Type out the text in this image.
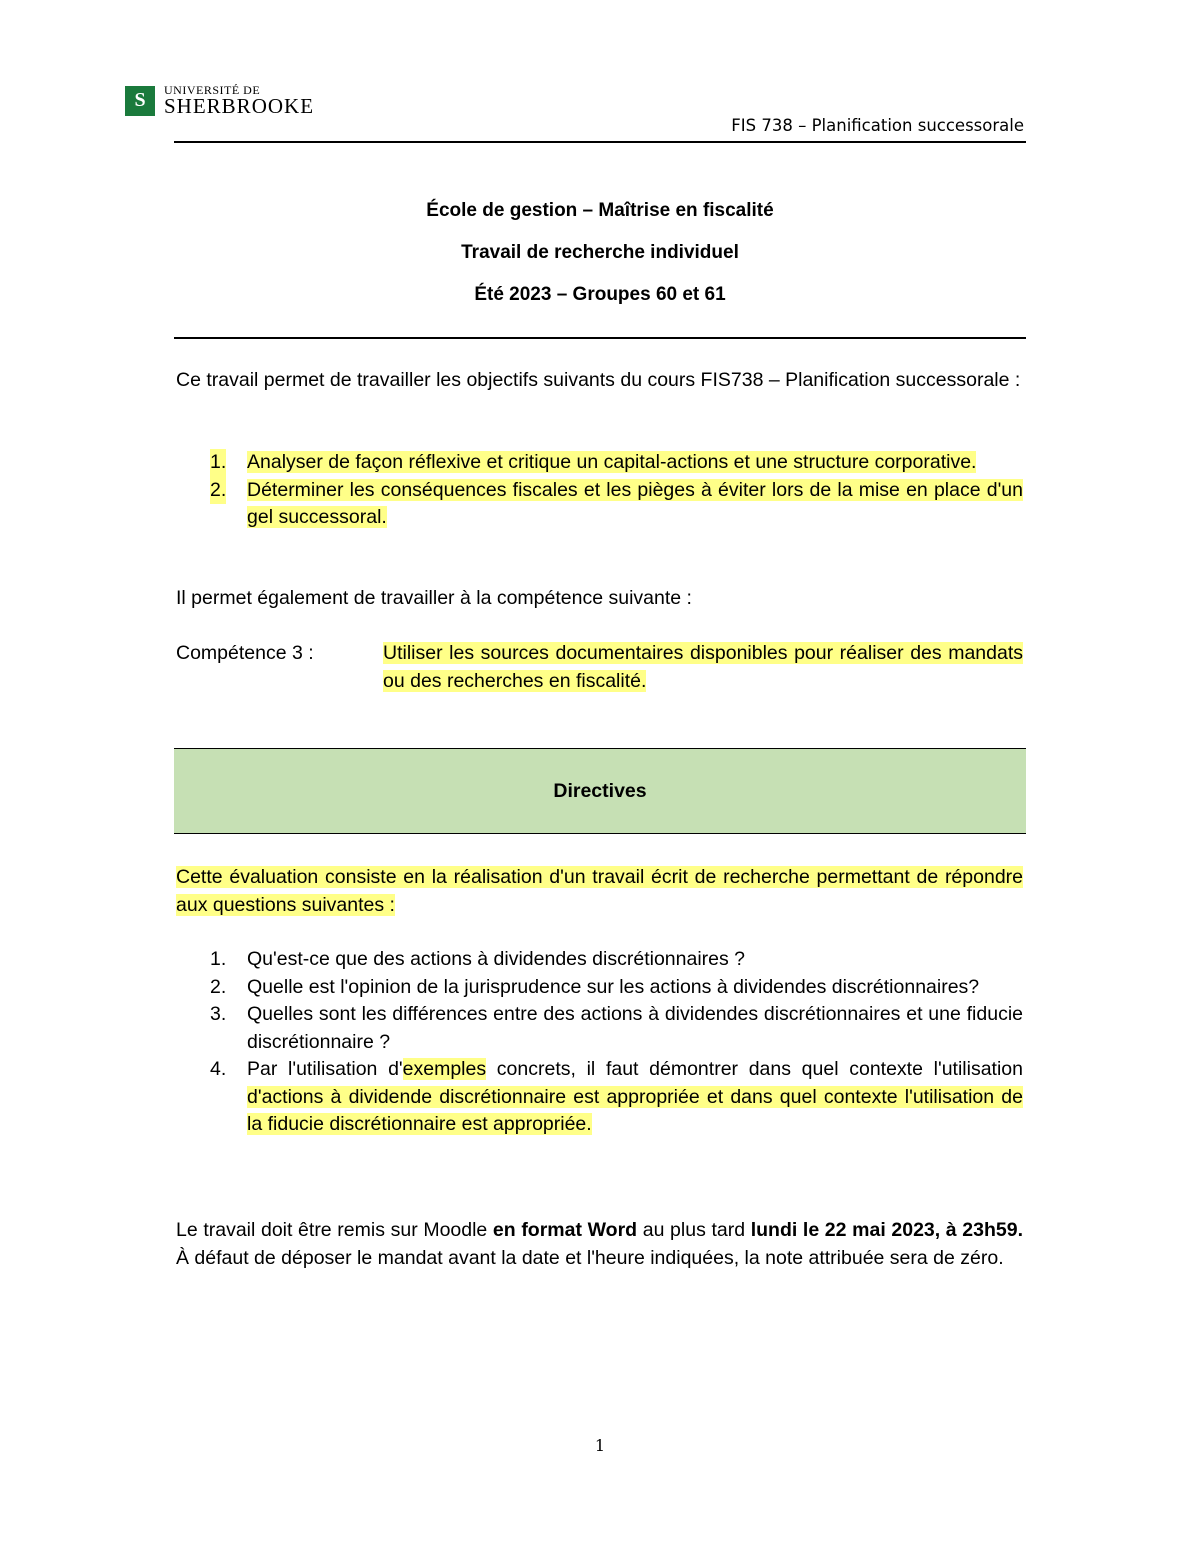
S	UNIVERSITÉ DE
SHERBROOKE
FIS 738 – Planification successorale
École de gestion – Maîtrise en fiscalité
Travail de recherche individuel
Été 2023 – Groupes 60 et 61
Ce travail permet de travailler les objectifs suivants du cours FIS738 – Planification successorale :
1. Analyser de façon réflexive et critique un capital-actions et une structure corporative.
2. Déterminer les conséquences fiscales et les pièges à éviter lors de la mise en place d'un gel successoral.
Il permet également de travailler à la compétence suivante :
Compétence 3 :	Utiliser les sources documentaires disponibles pour réaliser des mandats ou des recherches en fiscalité.
Directives
Cette évaluation consiste en la réalisation d'un travail écrit de recherche permettant de répondre aux questions suivantes :
1. Qu'est-ce que des actions à dividendes discrétionnaires ?
2. Quelle est l'opinion de la jurisprudence sur les actions à dividendes discrétionnaires?
3. Quelles sont les différences entre des actions à dividendes discrétionnaires et une fiducie discrétionnaire ?
4. Par l'utilisation d'exemples concrets, il faut démontrer dans quel contexte l'utilisation d'actions à dividende discrétionnaire est appropriée et dans quel contexte l'utilisation de la fiducie discrétionnaire est appropriée.
Le travail doit être remis sur Moodle en format Word au plus tard lundi le 22 mai 2023, à 23h59. À défaut de déposer le mandat avant la date et l'heure indiquées, la note attribuée sera de zéro.
1
